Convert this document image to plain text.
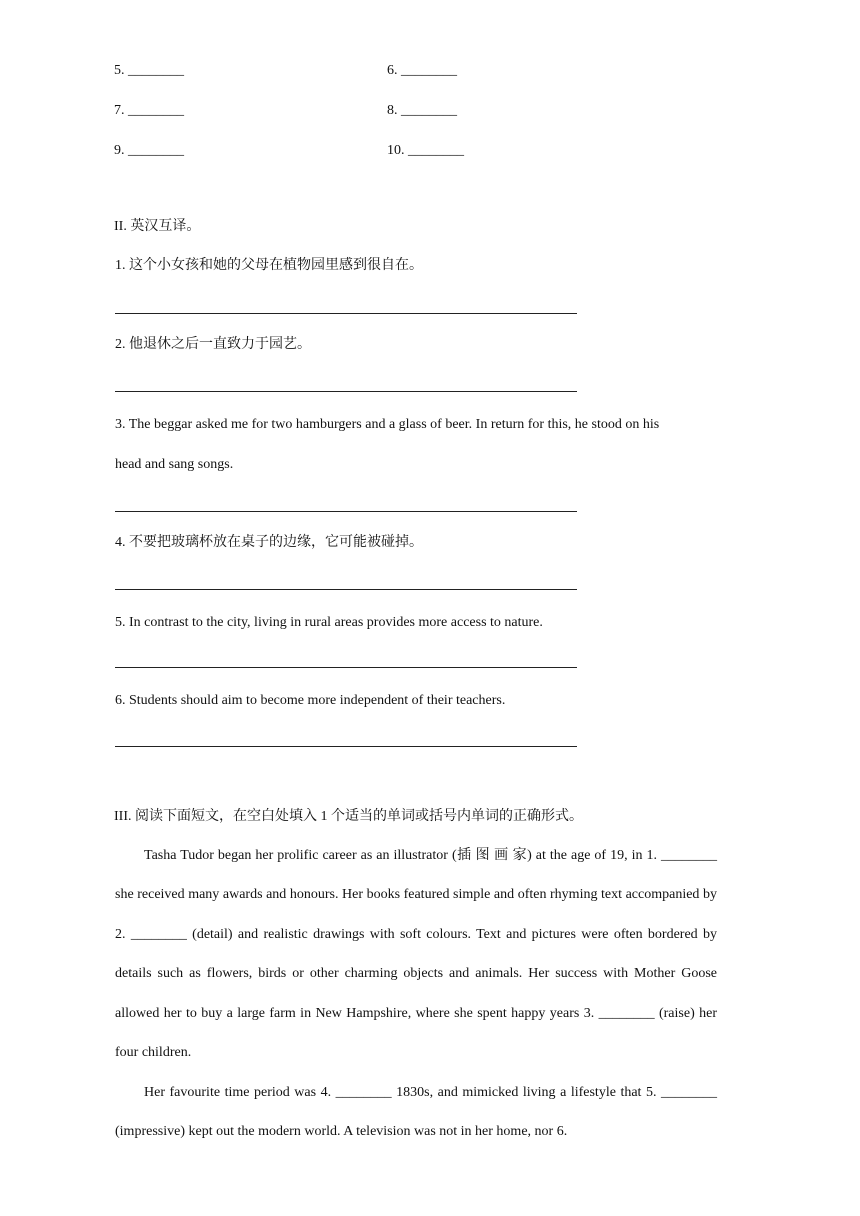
5. ________	6. ________
7. ________	8. ________
9. ________	10. ________
II. 英汉互译。
1. 这个小女孩和她的父母在植物园里感到很自在。
2. 他退休之后一直致力于园艺。
3. The beggar asked me for two hamburgers and a glass of beer. In return for this, he stood on his
head and sang songs.
4. 不要把玻璃杯放在桌子的边缘，它可能被碰掉。
5. In contrast to the city, living in rural areas provides more access to nature.
6. Students should aim to become more independent of their teachers.
III. 阅读下面短文，在空白处填入 1 个适当的单词或括号内单词的正确形式。
Tasha Tudor began her prolific career as an illustrator (插 图 画 家) at the age of 19, in 1. ________ she received many awards and honours. Her books featured simple and often rhyming text accompanied by 2. ________ (detail) and realistic drawings with soft colours. Text and pictures were often bordered by details such as flowers, birds or other charming objects and animals. Her success with Mother Goose allowed her to buy a large farm in New Hampshire, where she spent happy years 3. ________ (raise) her four children.
Her favourite time period was 4. ________ 1830s, and mimicked living a lifestyle that 5. ________ (impressive) kept out the modern world. A television was not in her home, nor 6.
